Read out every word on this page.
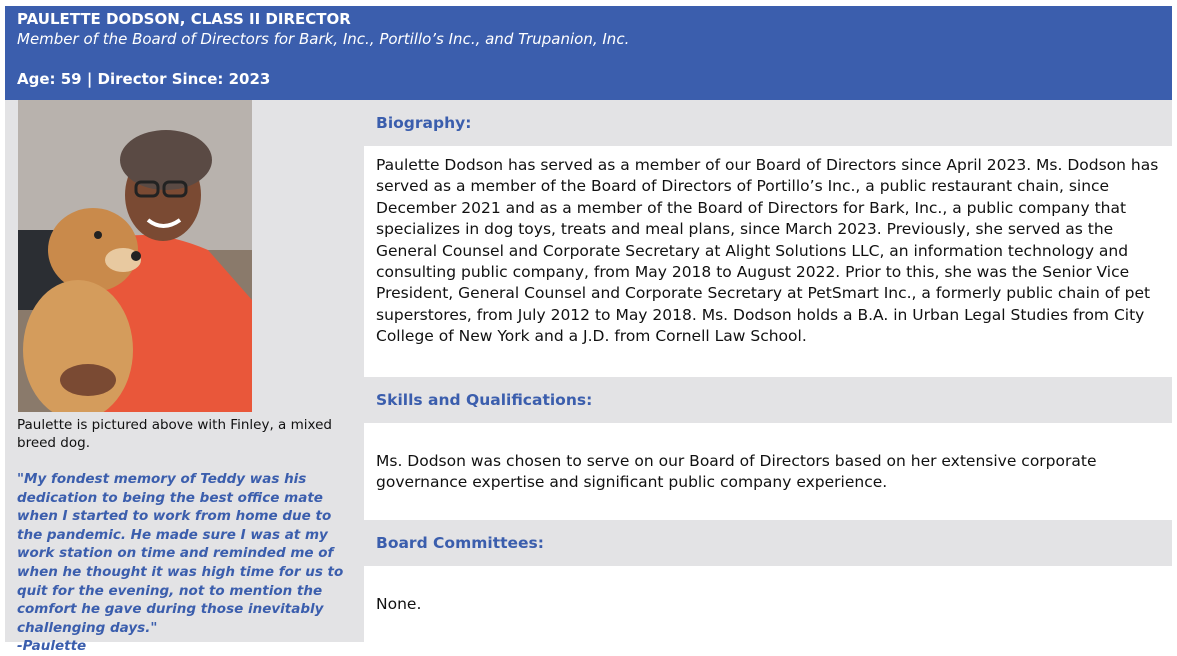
PAULETTE DODSON, CLASS II DIRECTOR
Member of the Board of Directors for Bark, Inc., Portillo’s Inc., and Trupanion, Inc.
Age: 59 | Director Since: 2023
Paulette is pictured above with Finley, a mixed breed dog.
"My fondest memory of Teddy was his dedication to being the best office mate when I started to work from home due to the pandemic. He made sure I was at my work station on time and reminded me of when he thought it was high time for us to quit for the evening, not to mention the comfort he gave during those inevitably challenging days."
-Paulette
Biography:
Paulette Dodson has served as a member of our Board of Directors since April 2023. Ms. Dodson has served as a member of the Board of Directors of Portillo’s Inc., a public restaurant chain, since December 2021 and as a member of the Board of Directors for Bark, Inc., a public company that specializes in dog toys, treats and meal plans, since March 2023. Previously, she served as the General Counsel and Corporate Secretary at Alight Solutions LLC, an information technology and consulting public company, from May 2018 to August 2022. Prior to this, she was the Senior Vice President, General Counsel and Corporate Secretary at PetSmart Inc., a formerly public chain of pet superstores, from July 2012 to May 2018. Ms. Dodson holds a B.A. in Urban Legal Studies from City College of New York and a J.D. from Cornell Law School.
Skills and Qualifications:
Ms. Dodson was chosen to serve on our Board of Directors based on her extensive corporate governance expertise and significant public company experience.
Board Committees:
None.
